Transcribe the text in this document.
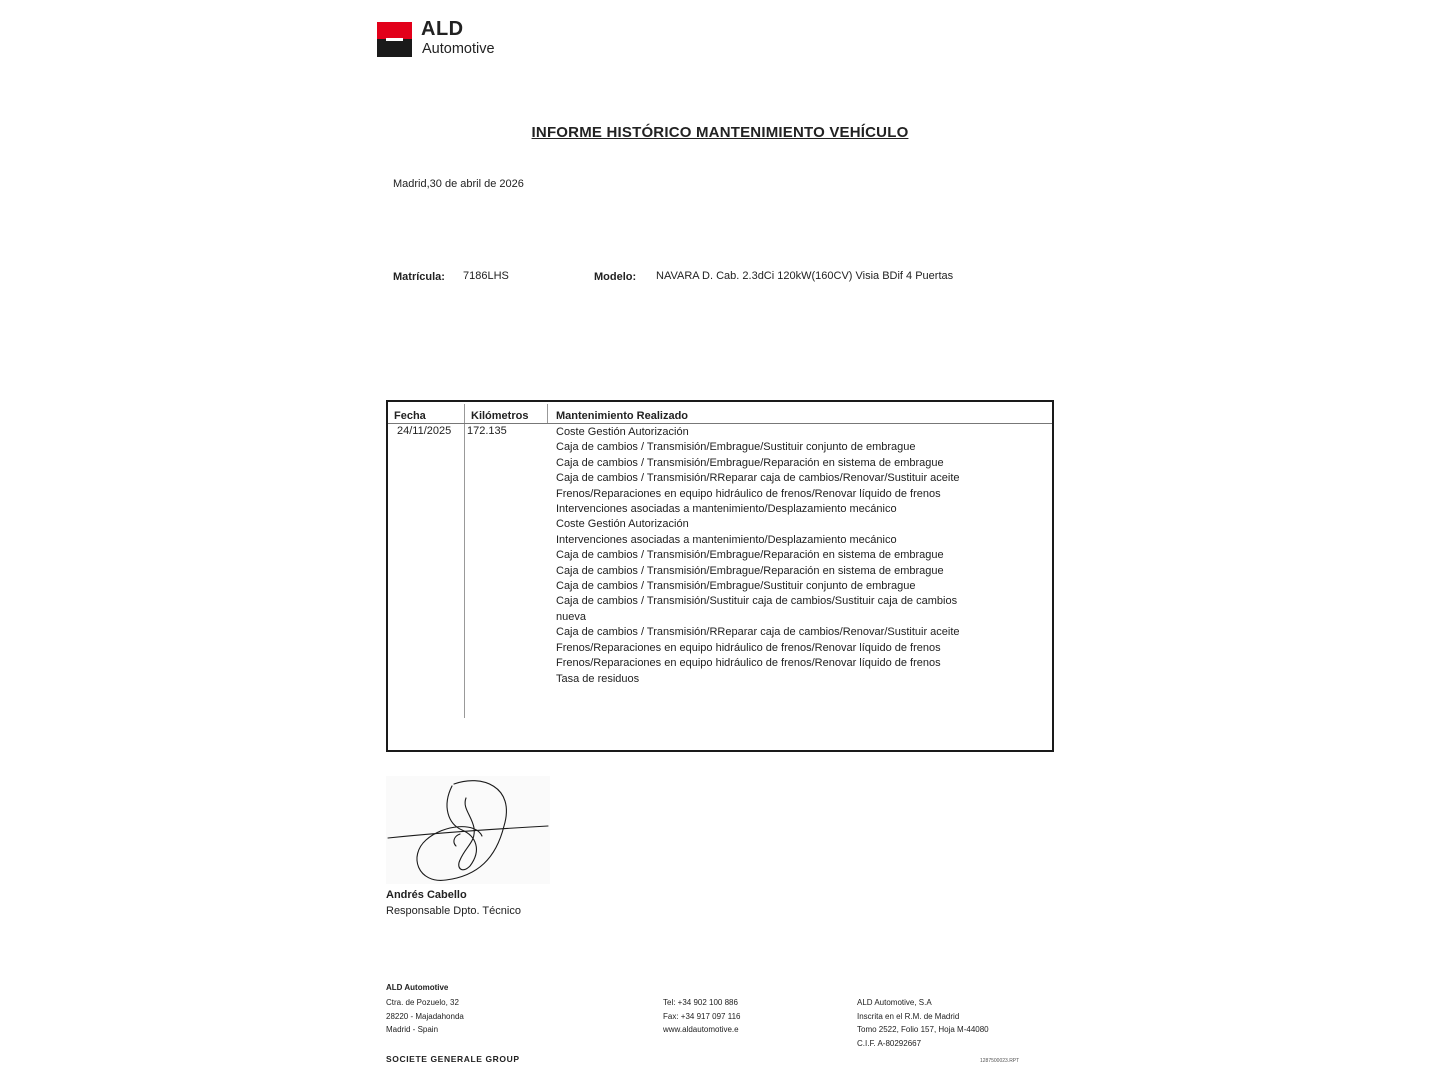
ALD
Automotive
INFORME HISTÓRICO MANTENIMIENTO VEHÍCULO
Madrid,30 de abril de 2026
Matrícula: 7186LHS	Modelo: NAVARA D. Cab. 2.3dCi 120kW(160CV) Visia BDif 4 Puertas
Fecha	Kilómetros	Mantenimiento Realizado
24/11/2025 172.135	Coste Gestión Autorización
Caja de cambios / Transmisión/Embrague/Sustituir conjunto de embrague
Caja de cambios / Transmisión/Embrague/Reparación en sistema de embrague
Caja de cambios / Transmisión/RReparar caja de cambios/Renovar/Sustituir aceite
Frenos/Reparaciones en equipo hidráulico de frenos/Renovar líquido de frenos
Intervenciones asociadas a mantenimiento/Desplazamiento mecánico
Coste Gestión Autorización
Intervenciones asociadas a mantenimiento/Desplazamiento mecánico
Caja de cambios / Transmisión/Embrague/Reparación en sistema de embrague
Caja de cambios / Transmisión/Embrague/Reparación en sistema de embrague
Caja de cambios / Transmisión/Embrague/Sustituir conjunto de embrague
Caja de cambios / Transmisión/Sustituir caja de cambios/Sustituir caja de cambios nueva
Caja de cambios / Transmisión/RReparar caja de cambios/Renovar/Sustituir aceite
Frenos/Reparaciones en equipo hidráulico de frenos/Renovar líquido de frenos
Frenos/Reparaciones en equipo hidráulico de frenos/Renovar líquido de frenos
Tasa de residuos
Andrés Cabello
Responsable Dpto. Técnico
ALD Automotive
Ctra. de Pozuelo, 32
28220 - Majadahonda
Madrid - Spain
Tel: +34 902 100 886
Fax: +34 917 097 116
www.aldautomotive.e
ALD Automotive, S.A
Inscrita en el R.M. de Madrid
Tomo 2522, Folio 157, Hoja M-44080
C.I.F. A-80292667
SOCIETE GENERALE GROUP	1287500023.RPT
